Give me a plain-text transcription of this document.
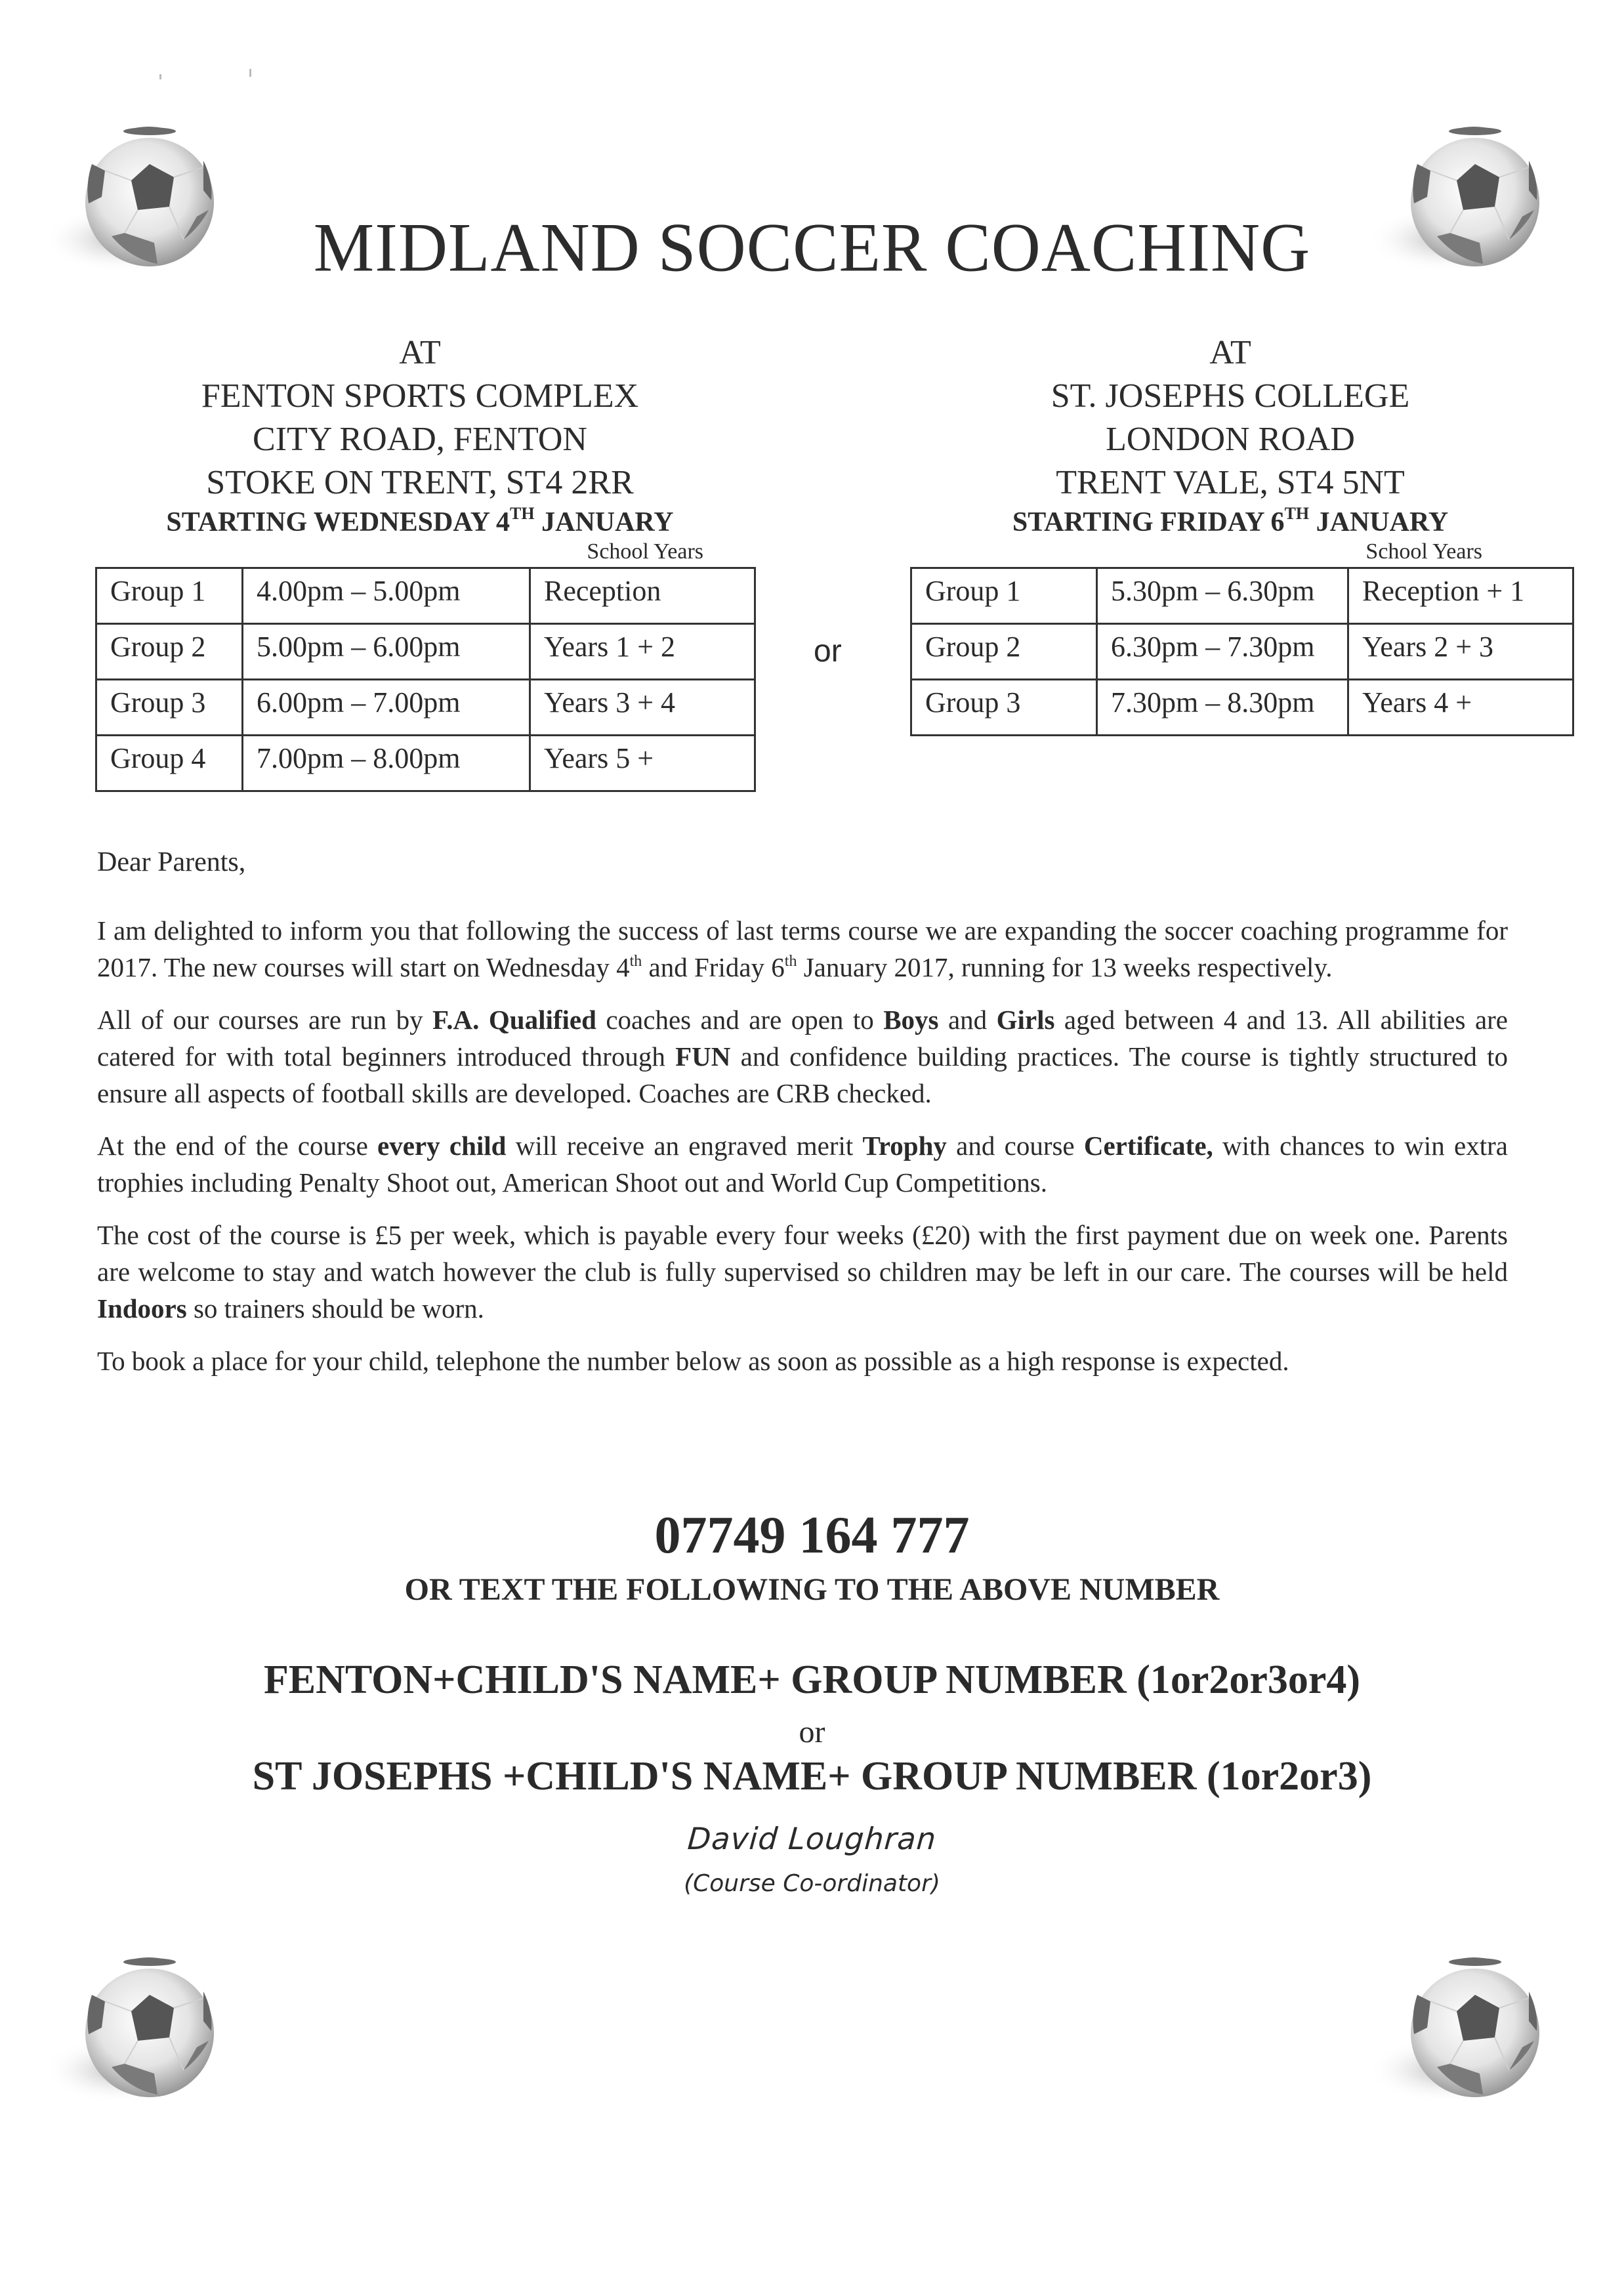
MIDLAND SOCCER COACHING
AT
FENTON SPORTS COMPLEX
CITY ROAD, FENTON
STOKE ON TRENT, ST4 2RR
STARTING WEDNESDAY 4TH JANUARY
School Years
Group 1	4.00pm – 5.00pm	Reception
Group 2	5.00pm – 6.00pm	Years 1 + 2
Group 3	6.00pm – 7.00pm	Years 3 + 4
Group 4	7.00pm – 8.00pm	Years 5 +
or
AT
ST. JOSEPHS COLLEGE
LONDON ROAD
TRENT VALE, ST4 5NT
STARTING FRIDAY 6TH JANUARY
School Years
Group 1	5.30pm – 6.30pm	Reception + 1
Group 2	6.30pm – 7.30pm	Years 2 + 3
Group 3	7.30pm – 8.30pm	Years 4 +
Dear Parents,

I am delighted to inform you that following the success of last terms course we are expanding the soccer coaching programme for 2017. The new courses will start on Wednesday 4th and Friday 6th January 2017, running for 13 weeks respectively.

All of our courses are run by F.A. Qualified coaches and are open to Boys and Girls aged between 4 and 13. All abilities are catered for with total beginners introduced through FUN and confidence building practices. The course is tightly structured to ensure all aspects of football skills are developed. Coaches are CRB checked.

At the end of the course every child will receive an engraved merit Trophy and course Certificate, with chances to win extra trophies including Penalty Shoot out, American Shoot out and World Cup Competitions.

The cost of the course is £5 per week, which is payable every four weeks (£20) with the first payment due on week one. Parents are welcome to stay and watch however the club is fully supervised so children may be left in our care. The courses will be held Indoors so trainers should be worn.

To book a place for your child, telephone the number below as soon as possible as a high response is expected.

07749 164 777
OR TEXT THE FOLLOWING TO THE ABOVE NUMBER
FENTON+CHILD'S NAME+ GROUP NUMBER (1or2or3or4)
or
ST JOSEPHS +CHILD'S NAME+ GROUP NUMBER (1or2or3)
David Loughran
(Course Co-ordinator)
